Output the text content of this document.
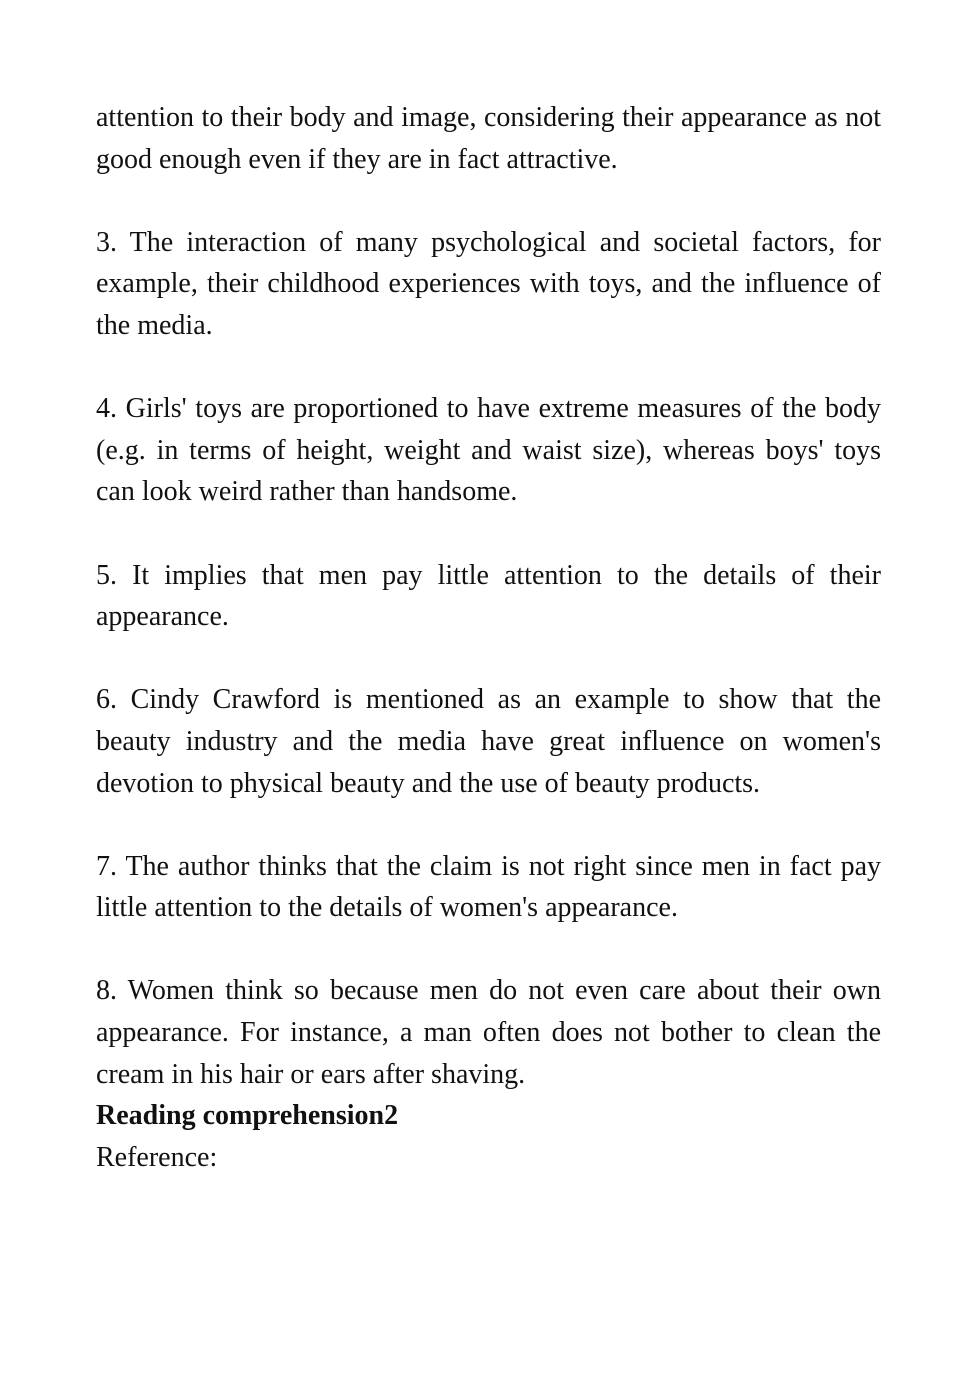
attention to their body and image, considering their appearance as not good enough even if they are in fact attractive.

3. The interaction of many psychological and societal factors, for example, their childhood experiences with toys, and the influence of the media.

4. Girls' toys are proportioned to have extreme measures of the body (e.g. in terms of height, weight and waist size), whereas boys' toys can look weird rather than handsome.

5. It implies that men pay little attention to the details of their appearance.

6. Cindy Crawford is mentioned as an example to show that the beauty industry and the media have great influence on women's devotion to physical beauty and the use of beauty products.

7. The author thinks that the claim is not right since men in fact pay little attention to the details of women's appearance.

8. Women think so because men do not even care about their own appearance. For instance, a man often does not bother to clean the cream in his hair or ears after shaving.

Reading comprehension2

Reference:
